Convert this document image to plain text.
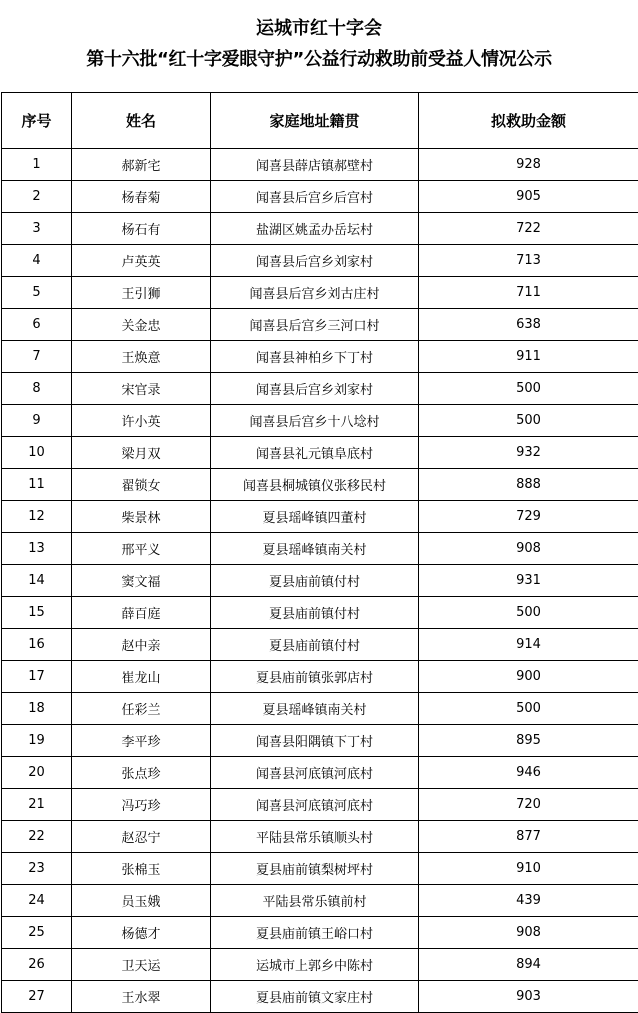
运城市红十字会
第十六批“红十字爱眼守护”公益行动救助前受益人情况公示
序号	姓名	家庭地址籍贯	拟救助金额
1	郝新宅	闻喜县薛店镇郝壁村	928
2	杨春菊	闻喜县后宫乡后宫村	905
3	杨石有	盐湖区姚孟办岳坛村	722
4	卢英英	闻喜县后宫乡刘家村	713
5	王引狮	闻喜县后宫乡刘古庄村	711
6	关金忠	闻喜县后宫乡三河口村	638
7	王焕意	闻喜县神柏乡下丁村	911
8	宋官录	闻喜县后宫乡刘家村	500
9	许小英	闻喜县后宫乡十八埝村	500
10	梁月双	闻喜县礼元镇阜底村	932
11	翟锁女	闻喜县桐城镇仪张移民村	888
12	柴景林	夏县瑶峰镇四董村	729
13	邢平义	夏县瑶峰镇南关村	908
14	窦文福	夏县庙前镇付村	931
15	薛百庭	夏县庙前镇付村	500
16	赵中亲	夏县庙前镇付村	914
17	崔龙山	夏县庙前镇张郭店村	900
18	任彩兰	夏县瑶峰镇南关村	500
19	李平珍	闻喜县阳隅镇下丁村	895
20	张点珍	闻喜县河底镇河底村	946
21	冯巧珍	闻喜县河底镇河底村	720
22	赵忍宁	平陆县常乐镇顺头村	877
23	张棉玉	夏县庙前镇梨树坪村	910
24	员玉娥	平陆县常乐镇前村	439
25	杨德才	夏县庙前镇王峪口村	908
26	卫天运	运城市上郭乡中陈村	894
27	王水翠	夏县庙前镇文家庄村	903
